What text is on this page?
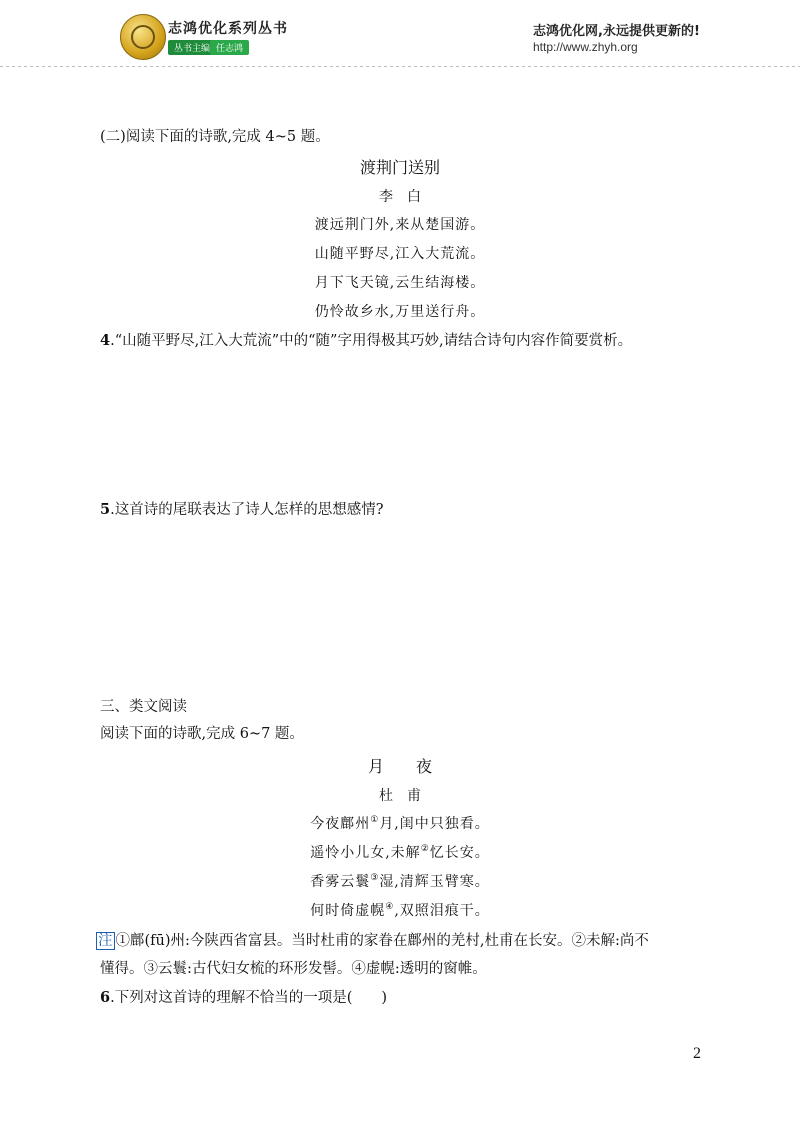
志鸿优化系列丛书
丛书主编 任志鸿
志鸿优化网,永远提供更新的!
http://www.zhyh.org
(二)阅读下面的诗歌,完成 4~5 题。
渡荆门送别
李　白
渡远荆门外,来从楚国游。
山随平野尽,江入大荒流。
月下飞天镜,云生结海楼。
仍怜故乡水,万里送行舟。
4.“山随平野尽,江入大荒流”中的“随”字用得极其巧妙,请结合诗句内容作简要赏析。
5.这首诗的尾联表达了诗人怎样的思想感情?
三、类文阅读
阅读下面的诗歌,完成 6~7 题。
月　　夜
杜　甫
今夜鄜州①月,闺中只独看。
遥怜小儿女,未解②忆长安。
香雾云鬟③湿,清辉玉臂寒。
何时倚虚幌④,双照泪痕干。
注 ①鄜(fū)州:今陕西省富县。当时杜甫的家眷在鄜州的羌村,杜甫在长安。②未解:尚不
懂得。③云鬟:古代妇女梳的环形发髻。④虚幌:透明的窗帷。
6.下列对这首诗的理解不恰当的一项是(　　)
2
